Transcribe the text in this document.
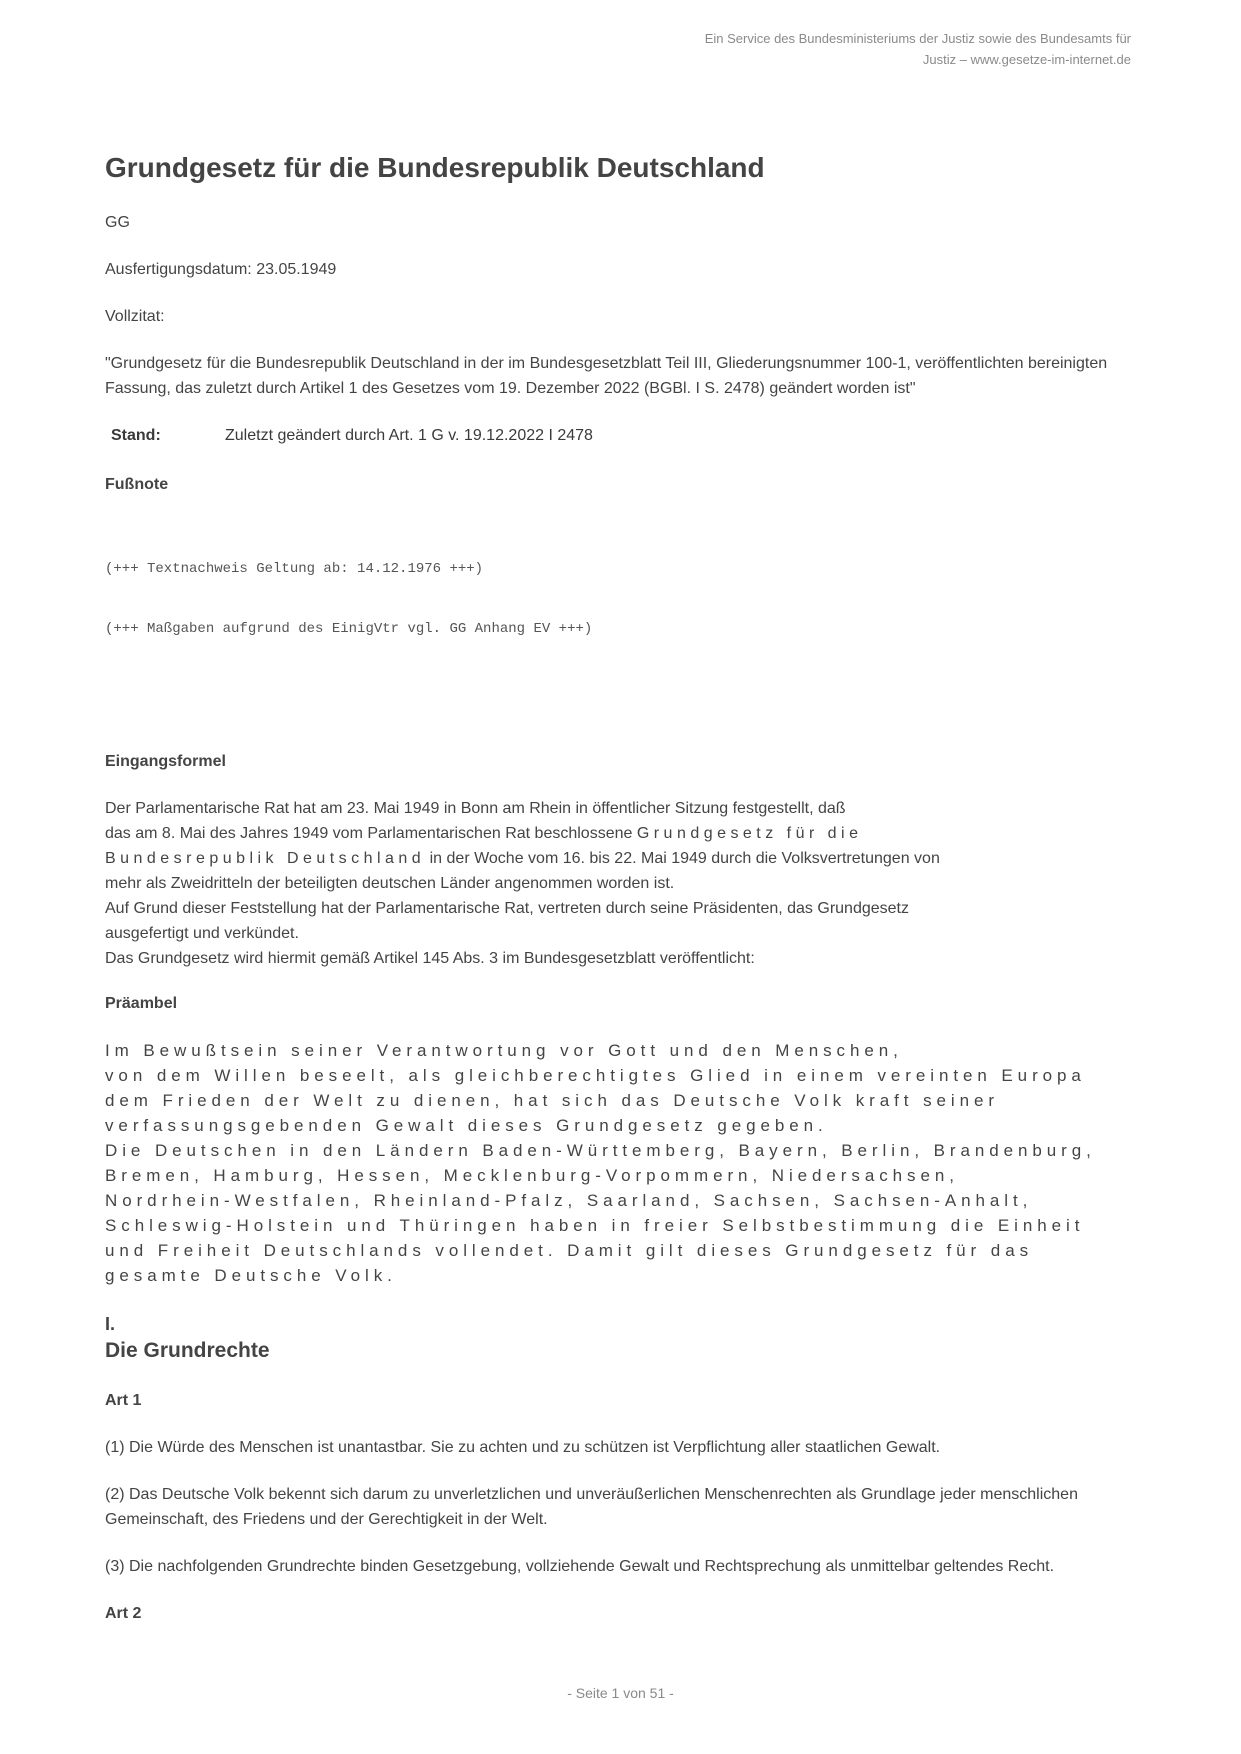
Ein Service des Bundesministeriums der Justiz sowie des Bundesamts für
Justiz ‒ www.gesetze-im-internet.de
Grundgesetz für die Bundesrepublik Deutschland
GG
Ausfertigungsdatum: 23.05.1949
Vollzitat:
"Grundgesetz für die Bundesrepublik Deutschland in der im Bundesgesetzblatt Teil III, Gliederungsnummer 100-1, veröffentlichten bereinigten Fassung, das zuletzt durch Artikel 1 des Gesetzes vom 19. Dezember 2022 (BGBl. I S. 2478) geändert worden ist"
Stand:	Zuletzt geändert durch Art. 1 G v. 19.12.2022 I 2478
Fußnote

(+++ Textnachweis Geltung ab: 14.12.1976 +++)

(+++ Maßgaben aufgrund des EinigVtr vgl. GG Anhang EV +++)

Eingangsformel
Der Parlamentarische Rat hat am 23. Mai 1949 in Bonn am Rhein in öffentlicher Sitzung festgestellt, daß
das am 8. Mai des Jahres 1949 vom Parlamentarischen Rat beschlossene Grundgesetz für die
Bundesrepublik Deutschland in der Woche vom 16. bis 22. Mai 1949 durch die Volksvertretungen von
mehr als Zweidritteln der beteiligten deutschen Länder angenommen worden ist.
Auf Grund dieser Feststellung hat der Parlamentarische Rat, vertreten durch seine Präsidenten, das Grundgesetz
ausgefertigt und verkündet.
Das Grundgesetz wird hiermit gemäß Artikel 145 Abs. 3 im Bundesgesetzblatt veröffentlicht:
Präambel
Im Bewußtsein seiner Verantwortung vor Gott und den Menschen,
von dem Willen beseelt, als gleichberechtigtes Glied in einem vereinten Europa
dem Frieden der Welt zu dienen, hat sich das Deutsche Volk kraft seiner
verfassungsgebenden Gewalt dieses Grundgesetz gegeben.
Die Deutschen in den Ländern Baden-Württemberg, Bayern, Berlin, Brandenburg,
Bremen, Hamburg, Hessen, Mecklenburg-Vorpommern, Niedersachsen,
Nordrhein-Westfalen, Rheinland-Pfalz, Saarland, Sachsen, Sachsen-Anhalt,
Schleswig-Holstein und Thüringen haben in freier Selbstbestimmung die Einheit
und Freiheit Deutschlands vollendet. Damit gilt dieses Grundgesetz für das
gesamte Deutsche Volk.
I.
Die Grundrechte
Art 1
(1) Die Würde des Menschen ist unantastbar. Sie zu achten und zu schützen ist Verpflichtung aller staatlichen Gewalt.
(2) Das Deutsche Volk bekennt sich darum zu unverletzlichen und unveräußerlichen Menschenrechten als Grundlage jeder menschlichen Gemeinschaft, des Friedens und der Gerechtigkeit in der Welt.
(3) Die nachfolgenden Grundrechte binden Gesetzgebung, vollziehende Gewalt und Rechtsprechung als unmittelbar geltendes Recht.
Art 2
- Seite 1 von 51 -
